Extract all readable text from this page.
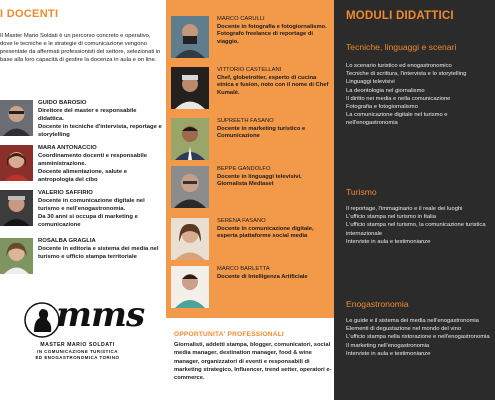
I DOCENTI
Il Master Mario Soldati è un percorso concreto e operativo, dove le tecniche e le strategie di comunicazione vengono presentate da affermati professionisti del settore, selezionati in base alla loro capacità di gestire la docenza in aula e on line.
GUIDO BAROSIO
Direttore del master e responsabile didattica.
Docente in tecniche d'intervista, reportage e storytelling
MARA ANTONACCIO
Coordinamento docenti e responsabile amministrazione.
Docente alimentazione, salute e antropologia del cibo
VALERIO SAFFIRIO
Docente in comunicazione digitale nel turismo e nell'enogastronomia.
Da 30 anni si occupa di marketing e comunicazione
ROSALBA GRAGLIA
Docente in editoria e sistema dei media nel turismo e ufficio stampa territoriale
mms
MASTER MARIO SOLDATI
IN COMUNICAZIONE TURISTICA
ED ENOGASTRONOMICA TORINO
MARCO CARULLI
Docente in fotografia e fotogiornalismo.
Fotografo freelance di reportage di viaggio.
VITTORIO CASTELLANI
Chef, globetrotter, esperto di cucina etnica e fusion, noto con il nome di Chef Kumalè.
SUPREETH FASANO
Docente in marketing turistico e Comunicazione
BEPPE GANDOLFO
Docente in linguaggi televisivi.
Giornalista Mediaset
SERENA FASANO
Docente in comunicazione digitale, esperta piattaforme social media
MARCO BARLETTA
Docente di Intelligenza Artificiale
OPPORTUNITA' PROFESSIONALI
Giornalisti, addetti stampa, blogger, comunicatori, social media manager, destination manager, food & wine manager, organizzatori di eventi e responsabili di marketing strategico, Influencer, trend setter, operatori e-commerce.
MODULI DIDATTICI
Tecniche, linguaggi e scenari
Lo scenario turistico ed enogastronomico
Tecniche di scrittura, l'intervista e lo storytelling
Linguaggi televisivi
La deontologia nel giornalismo
Il diritto nei media e nella comunicazione
Fotografia e fotogiornalismo
La comunicazione digitale nel turismo e nell'enogastronomia
Turismo
Il reportage, l'immaginario e il reale dei luoghi
L'ufficio stampa nel turismo in Italia
L'ufficio stampa nel turismo, la comunicazione turistica internazionale
Interviste in aula e testimonianze
Enogastronomia
Le guide e il sistema dei media nell'enogastronomia
Elementi di degustazione nel mondo del vino
L'ufficio stampa nella ristorazione e nell'enogastronomia
Il marketing nell'enogastronomia
Interviste in aula e testimonianze
